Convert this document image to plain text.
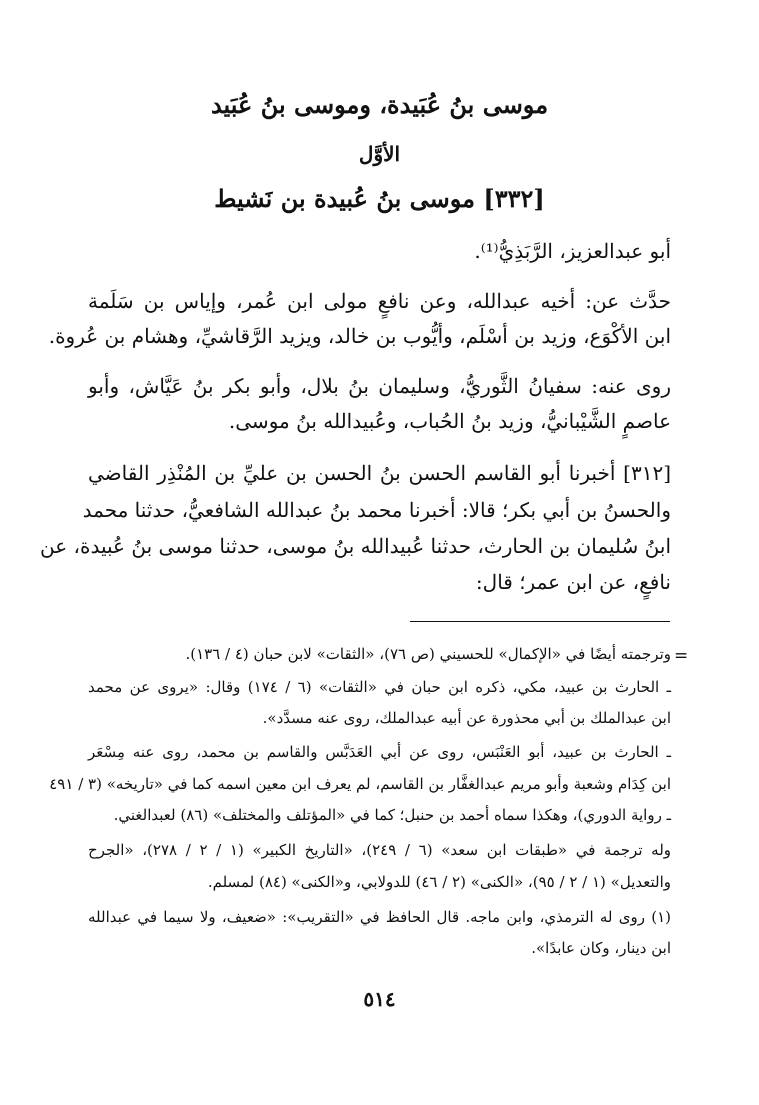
موسى بنُ عُبَيدة، وموسى بنُ عُبَيد
الأوَّل
[٣٣٢] موسى بنُ عُبيدة بن نَشيط
أبو عبدالعزيز، الرَّبَذِيُّ⁽¹⁾.
حدَّث عن: أخيه عبدالله، وعن نافعٍ مولى ابن عُمر، وإياس بن سَلَمة
ابن الأكْوَع، وزيد بن أسْلَم، وأيُّوب بن خالد، ويزيد الرَّقاشيِّ، وهشام بن عُروة.
روى عنه: سفيانُ الثَّوريُّ، وسليمان بنُ بلال، وأبو بكر بنُ عَيَّاش، وأبو
عاصمٍ الشَّيْبانيُّ، وزيد بنُ الحُباب، وعُبيدالله بنُ موسى.
[٣١٢] أخبرنا أبو القاسم الحسن بنُ الحسن بن عليِّ بن المُنْذِر القاضي
والحسنُ بن أبي بكر؛ قالا: أخبرنا محمد بنُ عبدالله الشافعيُّ، حدثنا محمد
ابنُ سُليمان بن الحارث، حدثنا عُبيدالله بنُ موسى، حدثنا موسى بنُ عُبيدة، عن
نافعٍ، عن ابن عمر؛ قال:
=
وترجمته أيضًا في «الإكمال» للحسيني (ص ٧٦)، «الثقات» لابن حبان (٤ / ١٣٦).
ـ الحارث بن عبيد، مكي، ذكره ابن حبان في «الثقات» (٦ / ١٧٤) وقال: «يروى عن محمد
ابن عبدالملك بن أبي محذورة عن أبيه عبدالملك، روى عنه مسدَّد».
ـ الحارث بن عبيد، أبو العَنْبَس، روى عن أبي العَدَبَّس والقاسم بن محمد، روى عنه مِسْعَر
ابن كِدَام وشعبة وأبو مريم عبدالغفَّار بن القاسم، لم يعرف ابن معين اسمه كما في «تاريخه» (٣ / ٤٩١
ـ رواية الدوري)، وهكذا سماه أحمد بن حنبل؛ كما في «المؤتلف والمختلف» (٨٦) لعبدالغني.
وله ترجمة في «طبقات ابن سعد» (٦ / ٢٤٩)، «التاريخ الكبير» (١ / ٢ / ٢٧٨)، «الجرح
والتعديل» (١ / ٢ / ٩٥)، «الكنى» (٢ / ٤٦) للدولابي، و«الكنى» (٨٤) لمسلم.
(١) روى له الترمذي، وابن ماجه. قال الحافظ في «التقريب»: «ضعيف، ولا سيما في عبدالله
ابن دينار، وكان عابدًا».
٥١٤
